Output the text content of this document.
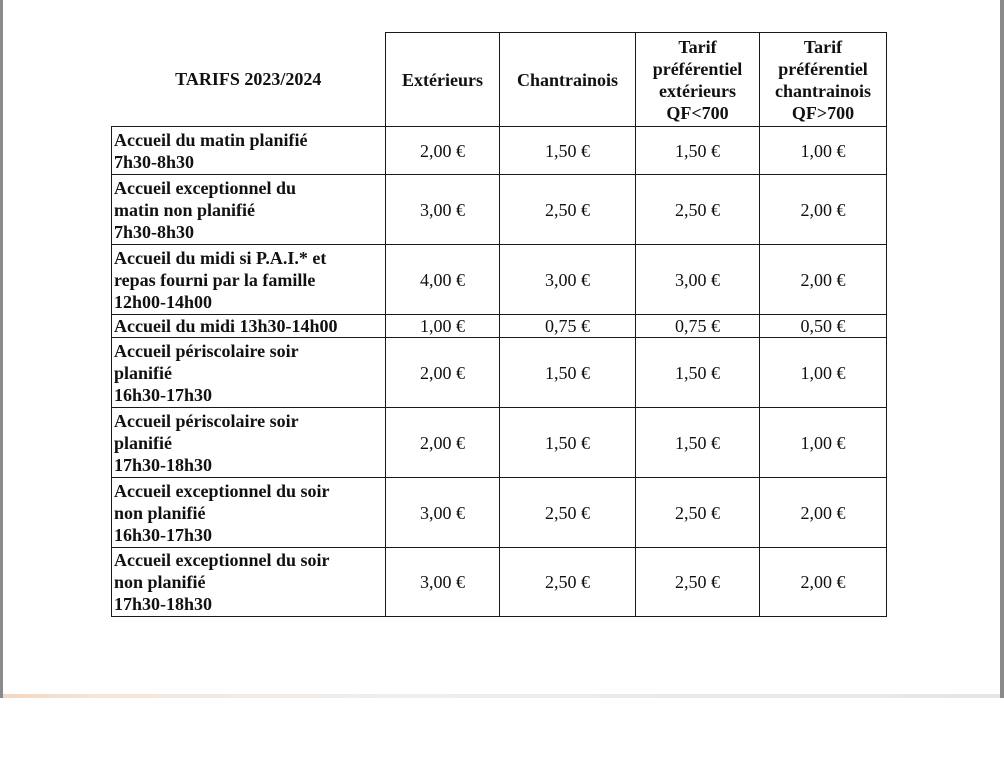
TARIFS 2023/2024	Extérieurs	Chantrainois	Tarif
préférentiel
extérieurs
QF<700	Tarif
préférentiel
chantrainois
QF>700
Accueil du matin planifié
7h30-8h30	2,00 €	1,50 €	1,50 €	1,00 €
Accueil exceptionnel du
matin non planifié
7h30-8h30	3,00 €	2,50 €	2,50 €	2,00 €
Accueil du midi si P.A.I.* et
repas fourni par la famille
12h00-14h00	4,00 €	3,00 €	3,00 €	2,00 €
Accueil du midi 13h30-14h00	1,00 €	0,75 €	0,75 €	0,50 €
Accueil périscolaire soir
planifié
16h30-17h30	2,00 €	1,50 €	1,50 €	1,00 €
Accueil périscolaire soir
planifié
17h30-18h30	2,00 €	1,50 €	1,50 €	1,00 €
Accueil exceptionnel du soir
non planifié
16h30-17h30	3,00 €	2,50 €	2,50 €	2,00 €
Accueil exceptionnel du soir
non planifié
17h30-18h30	3,00 €	2,50 €	2,50 €	2,00 €
